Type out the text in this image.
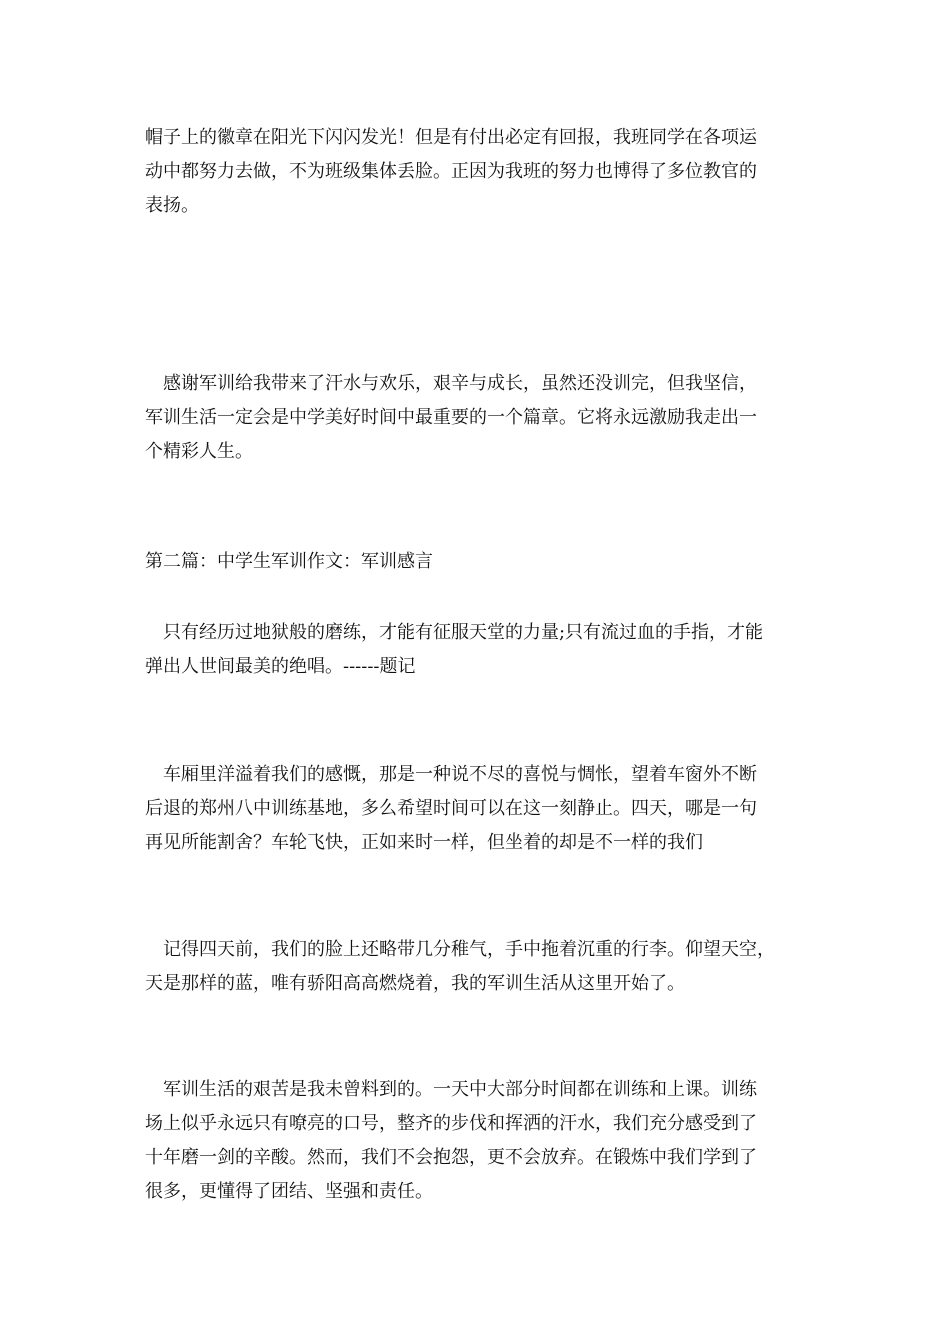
帽子上的徽章在阳光下闪闪发光！但是有付出必定有回报，我班同学在各项运
动中都努力去做，不为班级集体丢脸。正因为我班的努力也博得了多位教官的
表扬。
　感谢军训给我带来了汗水与欢乐，艰辛与成长，虽然还没训完，但我坚信，
军训生活一定会是中学美好时间中最重要的一个篇章。它将永远激励我走出一
个精彩人生。
第二篇：中学生军训作文：军训感言
　只有经历过地狱般的磨练，才能有征服天堂的力量;只有流过血的手指，才能
弹出人世间最美的绝唱。------题记
　车厢里洋溢着我们的感慨，那是一种说不尽的喜悦与惆怅，望着车窗外不断
后退的郑州八中训练基地，多么希望时间可以在这一刻静止。四天，哪是一句
再见所能割舍？车轮飞快，正如来时一样，但坐着的却是不一样的我们
　记得四天前，我们的脸上还略带几分稚气，手中拖着沉重的行李。仰望天空，
天是那样的蓝，唯有骄阳高高燃烧着，我的军训生活从这里开始了。
　军训生活的艰苦是我未曾料到的。一天中大部分时间都在训练和上课。训练
场上似乎永远只有嘹亮的口号，整齐的步伐和挥洒的汗水，我们充分感受到了
十年磨一剑的辛酸。然而，我们不会抱怨，更不会放弃。在锻炼中我们学到了
很多，更懂得了团结、坚强和责任。
